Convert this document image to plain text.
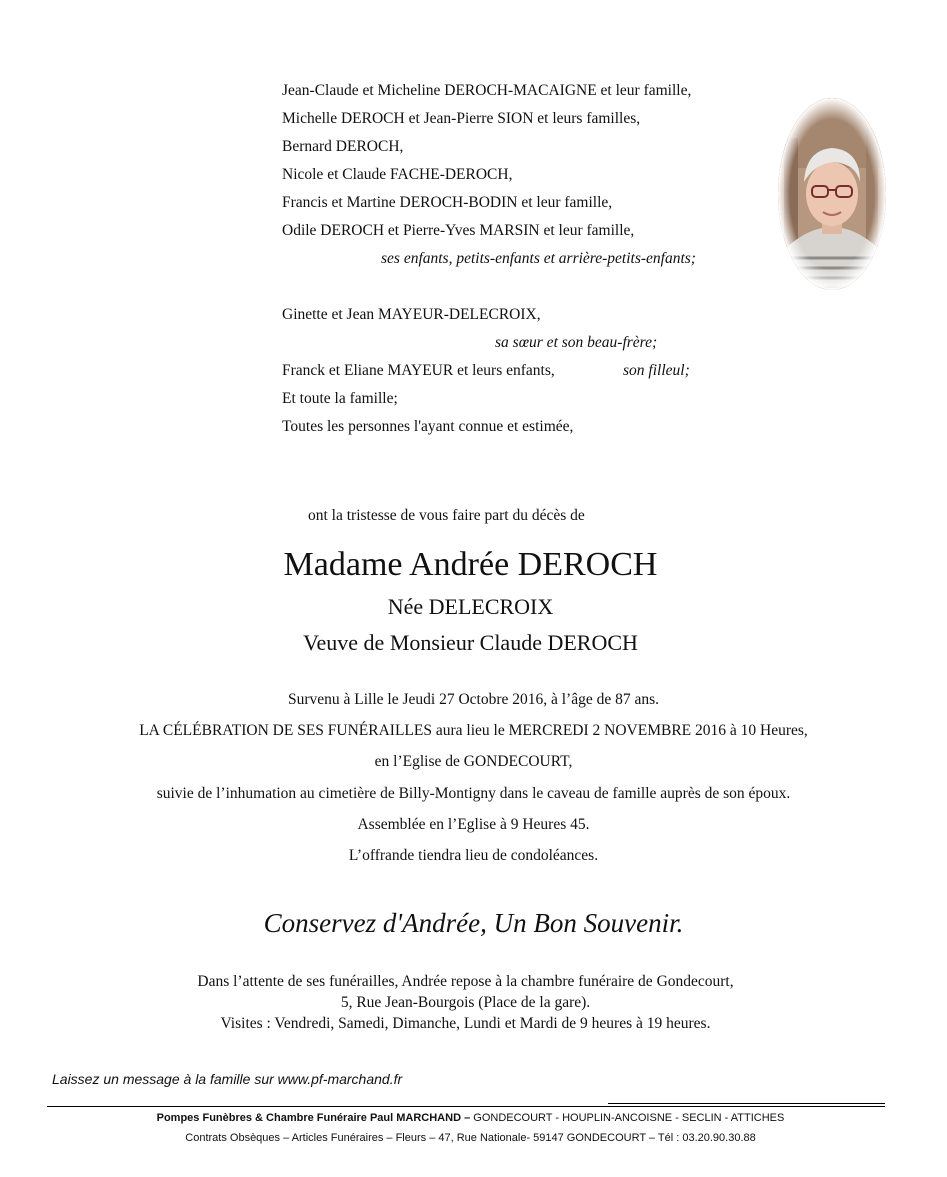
Jean-Claude et Micheline DEROCH-MACAIGNE et leur famille,
Michelle DEROCH et Jean-Pierre SION et leurs familles,
Bernard DEROCH,
Nicole et Claude FACHE-DEROCH,
Francis et Martine DEROCH-BODIN et leur famille,
Odile DEROCH et Pierre-Yves MARSIN et leur famille,
ses enfants, petits-enfants et arrière-petits-enfants;
Ginette et Jean MAYEUR-DELECROIX,
sa sœur et son beau-frère;
Franck et Eliane MAYEUR et leurs enfants,	son filleul;
Et toute la famille;
Toutes les personnes l'ayant connue et estimée,
ont la tristesse de vous faire part du décès de
Madame Andrée DEROCH
Née DELECROIX
Veuve de Monsieur Claude DEROCH
Survenu à Lille le Jeudi 27 Octobre 2016, à l’âge de 87 ans.
LA CÉLÉBRATION DE SES FUNÉRAILLES aura lieu le MERCREDI 2 NOVEMBRE 2016 à 10 Heures,
en l’Eglise de GONDECOURT,
suivie de l’inhumation au cimetière de Billy-Montigny dans le caveau de famille auprès de son époux.
Assemblée en l’Eglise à 9 Heures 45.
L’offrande tiendra lieu de condoléances.
Conservez d'Andrée, Un Bon Souvenir.
Dans l’attente de ses funérailles, Andrée repose à la chambre funéraire de Gondecourt,
5, Rue Jean-Bourgois (Place de la gare).
Visites : Vendredi, Samedi, Dimanche, Lundi et Mardi de 9 heures à 19 heures.
Laissez un message à la famille sur www.pf-marchand.fr
Pompes Funèbres & Chambre Funéraire Paul MARCHAND – GONDECOURT - HOUPLIN-ANCOISNE - SECLIN - ATTICHES
Contrats Obsèques – Articles Funéraires – Fleurs – 47, Rue Nationale- 59147 GONDECOURT – Tél : 03.20.90.30.88
